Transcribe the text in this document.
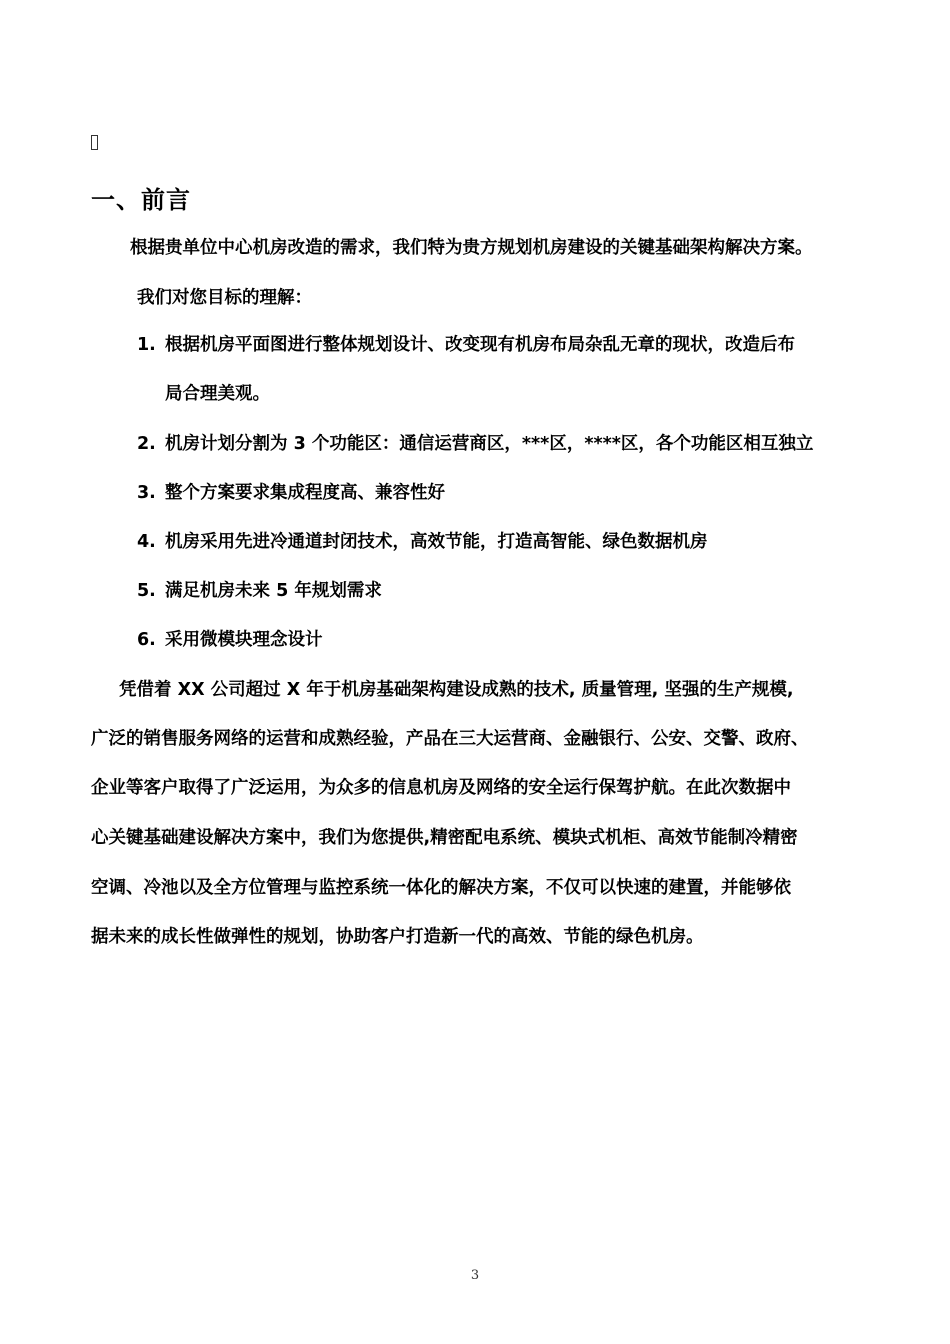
一、前言
根据贵单位中心机房改造的需求，我们特为贵方规划机房建设的关键基础架构解决方案。
我们对您目标的理解：
1. 根据机房平面图进行整体规划设计、改变现有机房布局杂乱无章的现状，改造后布
局合理美观。
2. 机房计划分割为 3 个功能区：通信运营商区，***区，****区，各个功能区相互独立
3. 整个方案要求集成程度高、兼容性好
4. 机房采用先进冷通道封闭技术，高效节能，打造高智能、绿色数据机房
5. 满足机房未来 5 年规划需求
6. 采用微模块理念设计
凭借着 XX 公司超过 X 年于机房基础架构建设成熟的技术, 质量管理, 坚强的生产规模,
广泛的销售服务网络的运营和成熟经验，产品在三大运营商、金融银行、公安、交警、政府、
企业等客户取得了广泛运用，为众多的信息机房及网络的安全运行保驾护航。在此次数据中
心关键基础建设解决方案中，我们为您提供,精密配电系统、模块式机柜、高效节能制冷精密
空调、冷池以及全方位管理与监控系统一体化的解决方案，不仅可以快速的建置，并能够依
据未来的成长性做弹性的规划，协助客户打造新一代的高效、节能的绿色机房。
3
